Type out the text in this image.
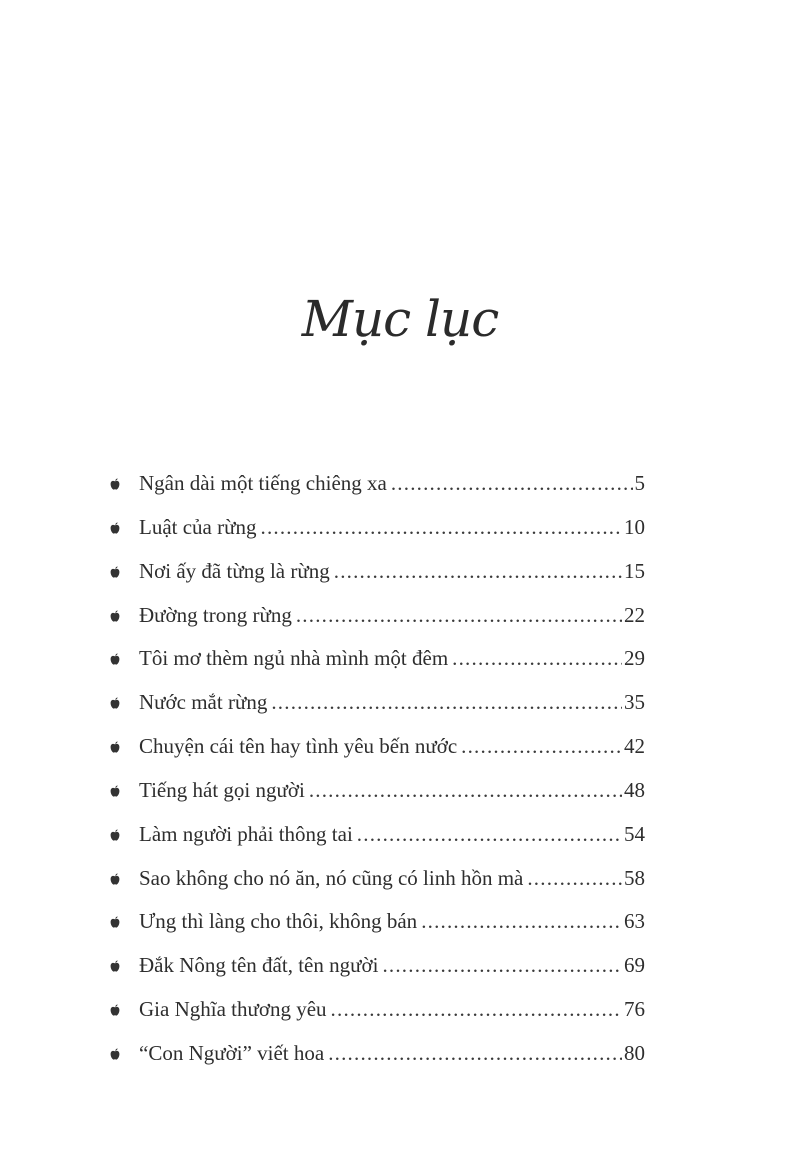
Mục lục
Ngân dài một tiếng chiêng xa .....	5
Luật của rừng .....	10
Nơi ấy đã từng là rừng .....	15
Đường trong rừng .....	22
Tôi mơ thèm ngủ nhà mình một đêm .....	29
Nước mắt rừng .....	35
Chuyện cái tên hay tình yêu bến nước .....	42
Tiếng hát gọi người .....	48
Làm người phải thông tai .....	54
Sao không cho nó ăn, nó cũng có linh hồn mà .....	58
Ưng thì làng cho thôi, không bán .....	63
Đắk Nông tên đất, tên người .....	69
Gia Nghĩa thương yêu .....	76
“Con Người” viết hoa .....	80
